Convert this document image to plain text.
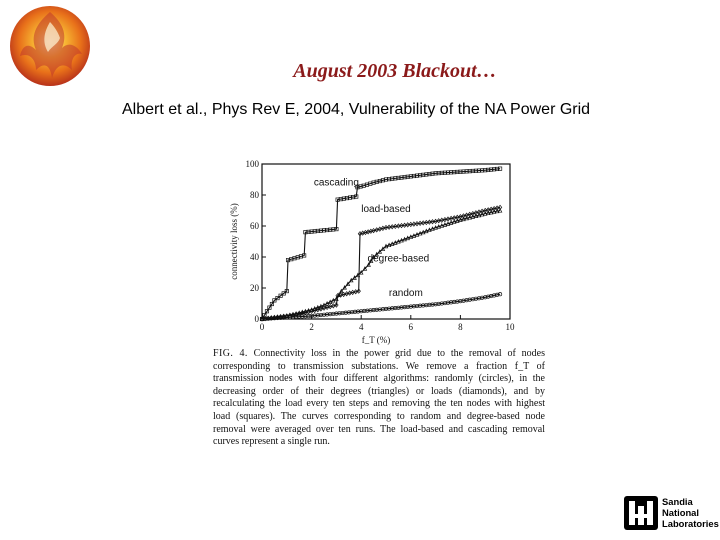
August 2003 Blackout…
Albert et al., Phys Rev E, 2004, Vulnerability of the NA Power Grid
0	2	4	6	8	10
0
20
40
60
80
100
f_T (%)
connectivity loss (%)
cascading
load-based
degree-based
random
FIG. 4. Connectivity loss in the power grid due to the removal of nodes corresponding to transmission substations. We remove a fraction f_T of transmission nodes with four different algorithms: randomly (circles), in the decreasing order of their degrees (triangles) or loads (diamonds), and by recalculating the load every ten steps and removing the ten nodes with highest load (squares). The curves corresponding to random and degree-based node removal were averaged over ten runs. The load-based and cascading removal curves represent a single run.
Sandia
National
Laboratories
